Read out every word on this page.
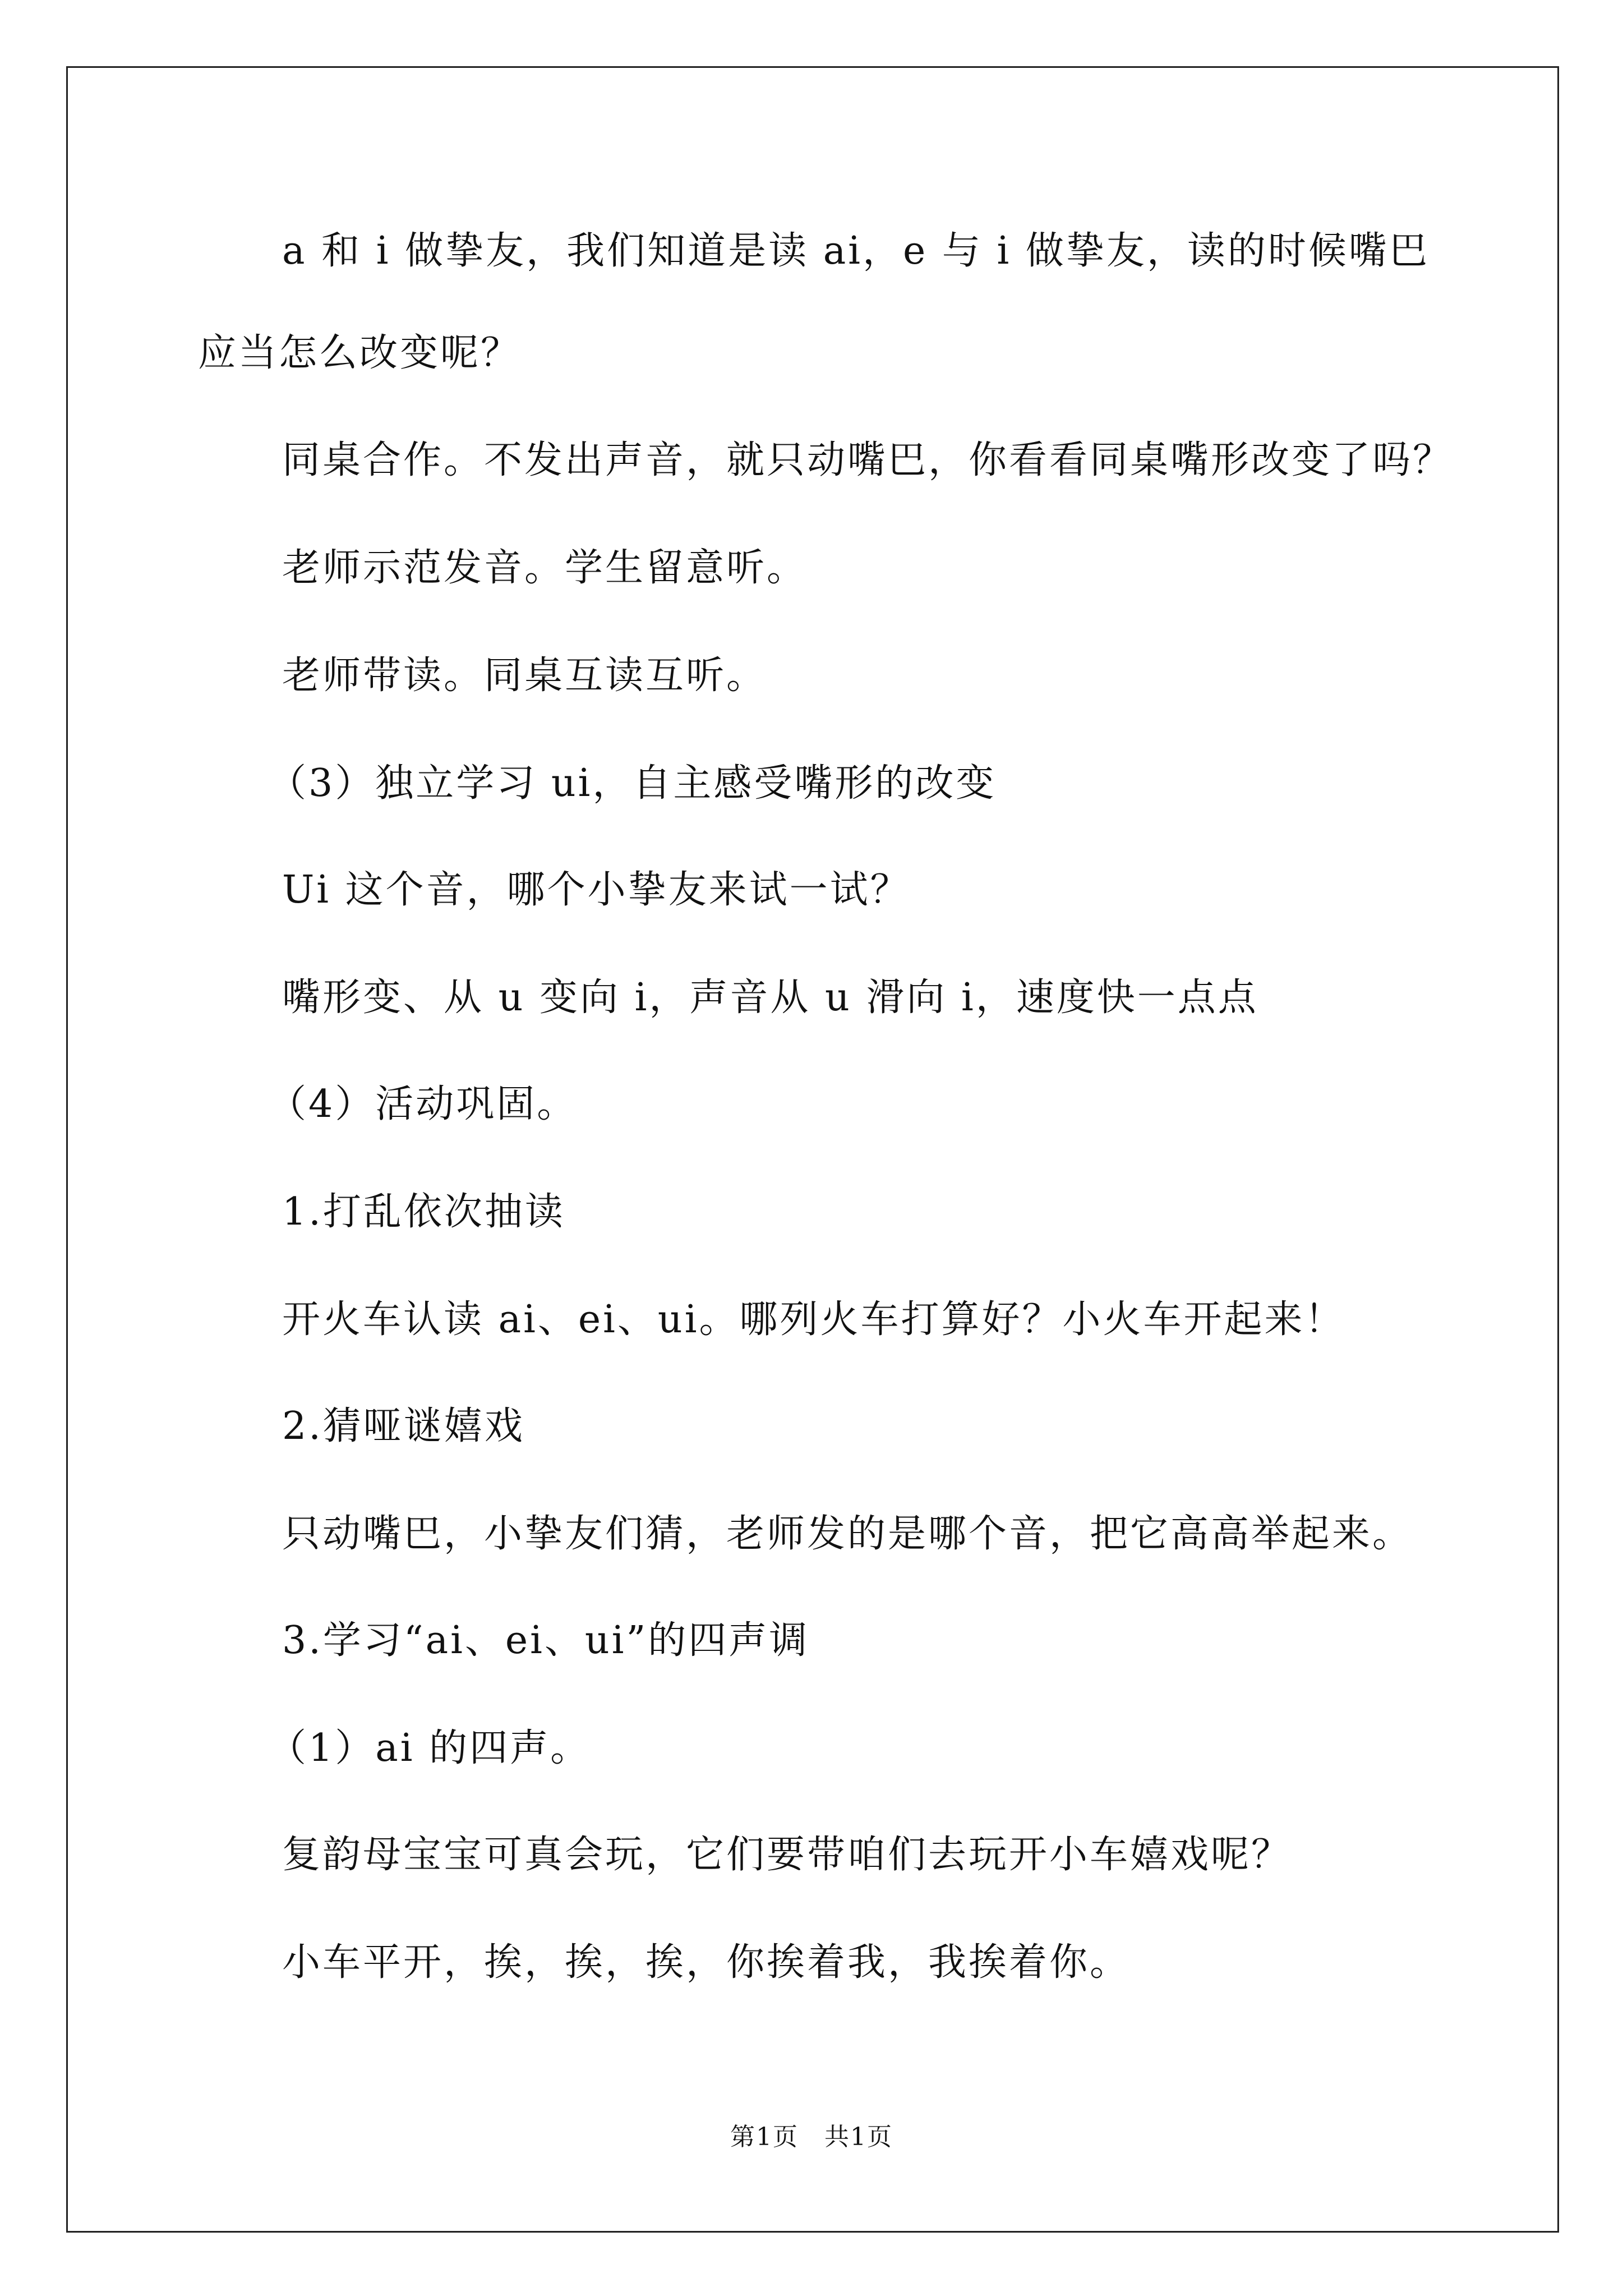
a 和 i 做挚友，我们知道是读 ai，e 与 i 做挚友，读的时候嘴巴
应当怎么改变呢？
同桌合作。不发出声音，就只动嘴巴，你看看同桌嘴形改变了吗？
老师示范发音。学生留意听。
老师带读。同桌互读互听。
（3）独立学习 ui，自主感受嘴形的改变
Ui 这个音，哪个小挚友来试一试？
嘴形变、从 u 变向 i，声音从 u 滑向 i，速度快一点点
（4）活动巩固。
1.打乱依次抽读
开火车认读 ai、ei、ui。哪列火车打算好？小火车开起来！
2.猜哑谜嬉戏
只动嘴巴，小挚友们猜，老师发的是哪个音，把它高高举起来。
3.学习“ai、ei、ui”的四声调
（1）ai 的四声。
复韵母宝宝可真会玩，它们要带咱们去玩开小车嬉戏呢？
小车平开，挨，挨，挨，你挨着我，我挨着你。
第1页　共1页
